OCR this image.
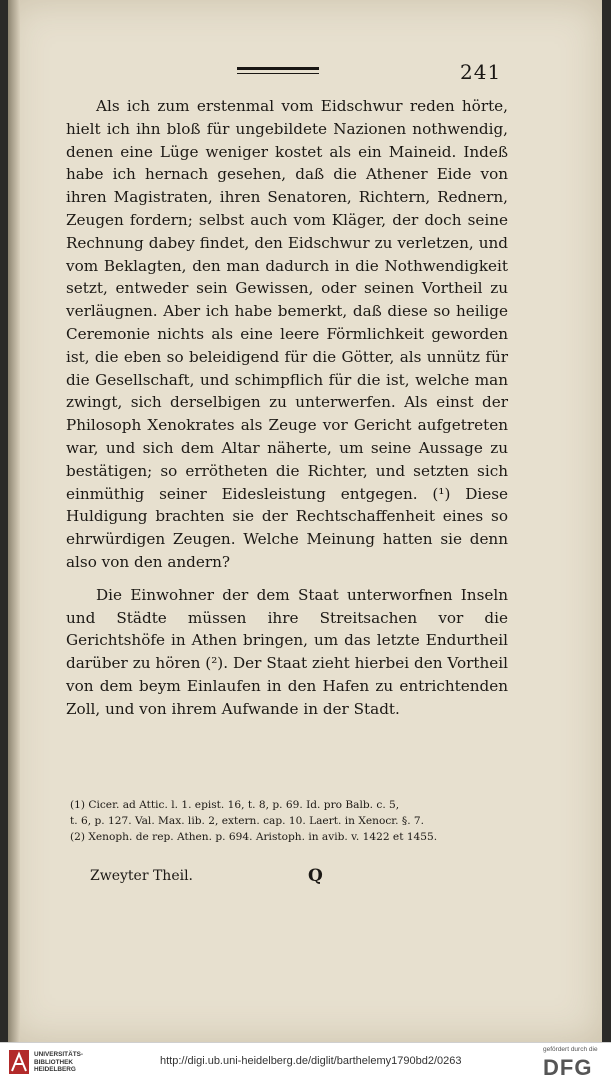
241

Als ich zum erstenmal vom Eidschwur reden hörte, hielt ich ihn bloß für ungebildete Nazionen nothwendig, denen eine Lüge weniger kostet als ein Maineid. Indeß habe ich hernach gesehen, daß die Athener Eide von ihren Magistraten, ihren Senatoren, Richtern, Rednern, Zeugen fordern; selbst auch vom Kläger, der doch seine Rechnung dabey findet, den Eidschwur zu verletzen, und vom Beklagten, den man dadurch in die Nothwendigkeit setzt, entweder sein Gewissen, oder seinen Vortheil zu verläugnen. Aber ich habe bemerkt, daß diese so heilige Ceremonie nichts als eine leere Förmlichkeit geworden ist, die eben so beleidigend für die Götter, als unnütz für die Gesellschaft, und schimpflich für die ist, welche man zwingt, sich derselbigen zu unterwerfen. Als einst der Philosoph Xenokrates als Zeuge vor Gericht aufgetreten war, und sich dem Altar näherte, um seine Aussage zu bestätigen; so errötheten die Richter, und setzten sich einmüthig seiner Eidesleistung entgegen. (¹) Diese Huldigung brachten sie der Rechtschaffenheit eines so ehrwürdigen Zeugen. Welche Meinung hatten sie denn also von den andern?

Die Einwohner der dem Staat unterworfnen Inseln und Städte müssen ihre Streitsachen vor die Gerichtshöfe in Athen bringen, um das letzte Endurtheil darüber zu hören (²). Der Staat zieht hierbei den Vortheil von dem beym Einlaufen in den Hafen zu entrichtenden Zoll, und von ihrem Aufwande in der Stadt.

(1) Cicer. ad Attic. l. 1. epist. 16, t. 8, p. 69. Id. pro Balb. c. 5,
t. 6, p. 127. Val. Max. lib. 2, extern. cap. 10. Laert. in Xenocr. §. 7.
(2) Xenoph. de rep. Athen. p. 694. Aristoph. in avib. v. 1422 et 1455.
Zweyter Theil.	Q
UNIVERSITÄTS-
BIBLIOTHEK
HEIDELBERG
http://digi.ub.uni-heidelberg.de/diglit/barthelemy1790bd2/0263
gefördert durch die
DFG
